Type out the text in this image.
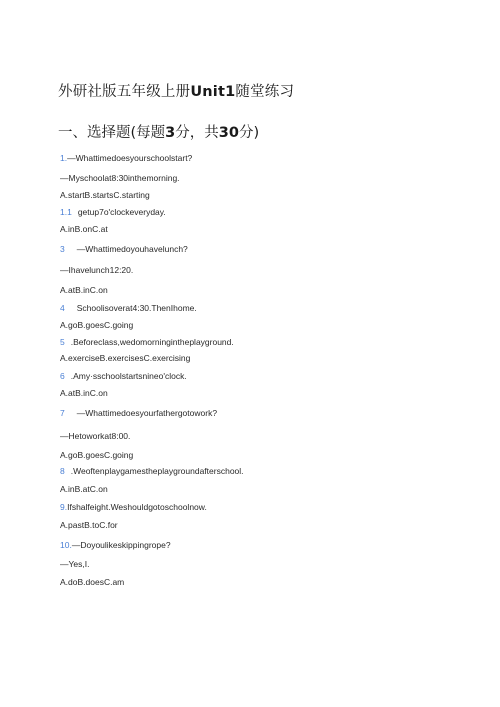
外研社版五年级上册Unit1随堂练习
一、选择题(每题3分，共30分)
1.—Whattimedoesyourschoolstart?
—Myschoolat8:30inthemorning.
A.startB.startsC.starting
1.1 getup7o'clockeveryday.
A.inB.onC.at
3 —Whattimedoyouhavelunch?
—Ihavelunch12:20.
A.atB.inC.on
4 Schoolisoverat4:30.ThenIhome.
A.goB.goesC.going
5 .Beforeclass,wedomorningintheplayground.
A.exerciseB.exercisesC.exercising
6 .Amy·sschoolstartsnineo'clock.
A.atB.inC.on
7 —Whattimedoesyourfathergotowork?
—Hetoworkat8:00.
A.goB.goesC.going
8 .Weoftenplaygamestheplaygroundafterschool.
A.inB.atC.on
9.Ifshalfeight.Weshouldgotoschoolnow.
A.pastB.toC.for
10.—Doyoulikeskippingrope?
—Yes,I.
A.doB.doesC.am
